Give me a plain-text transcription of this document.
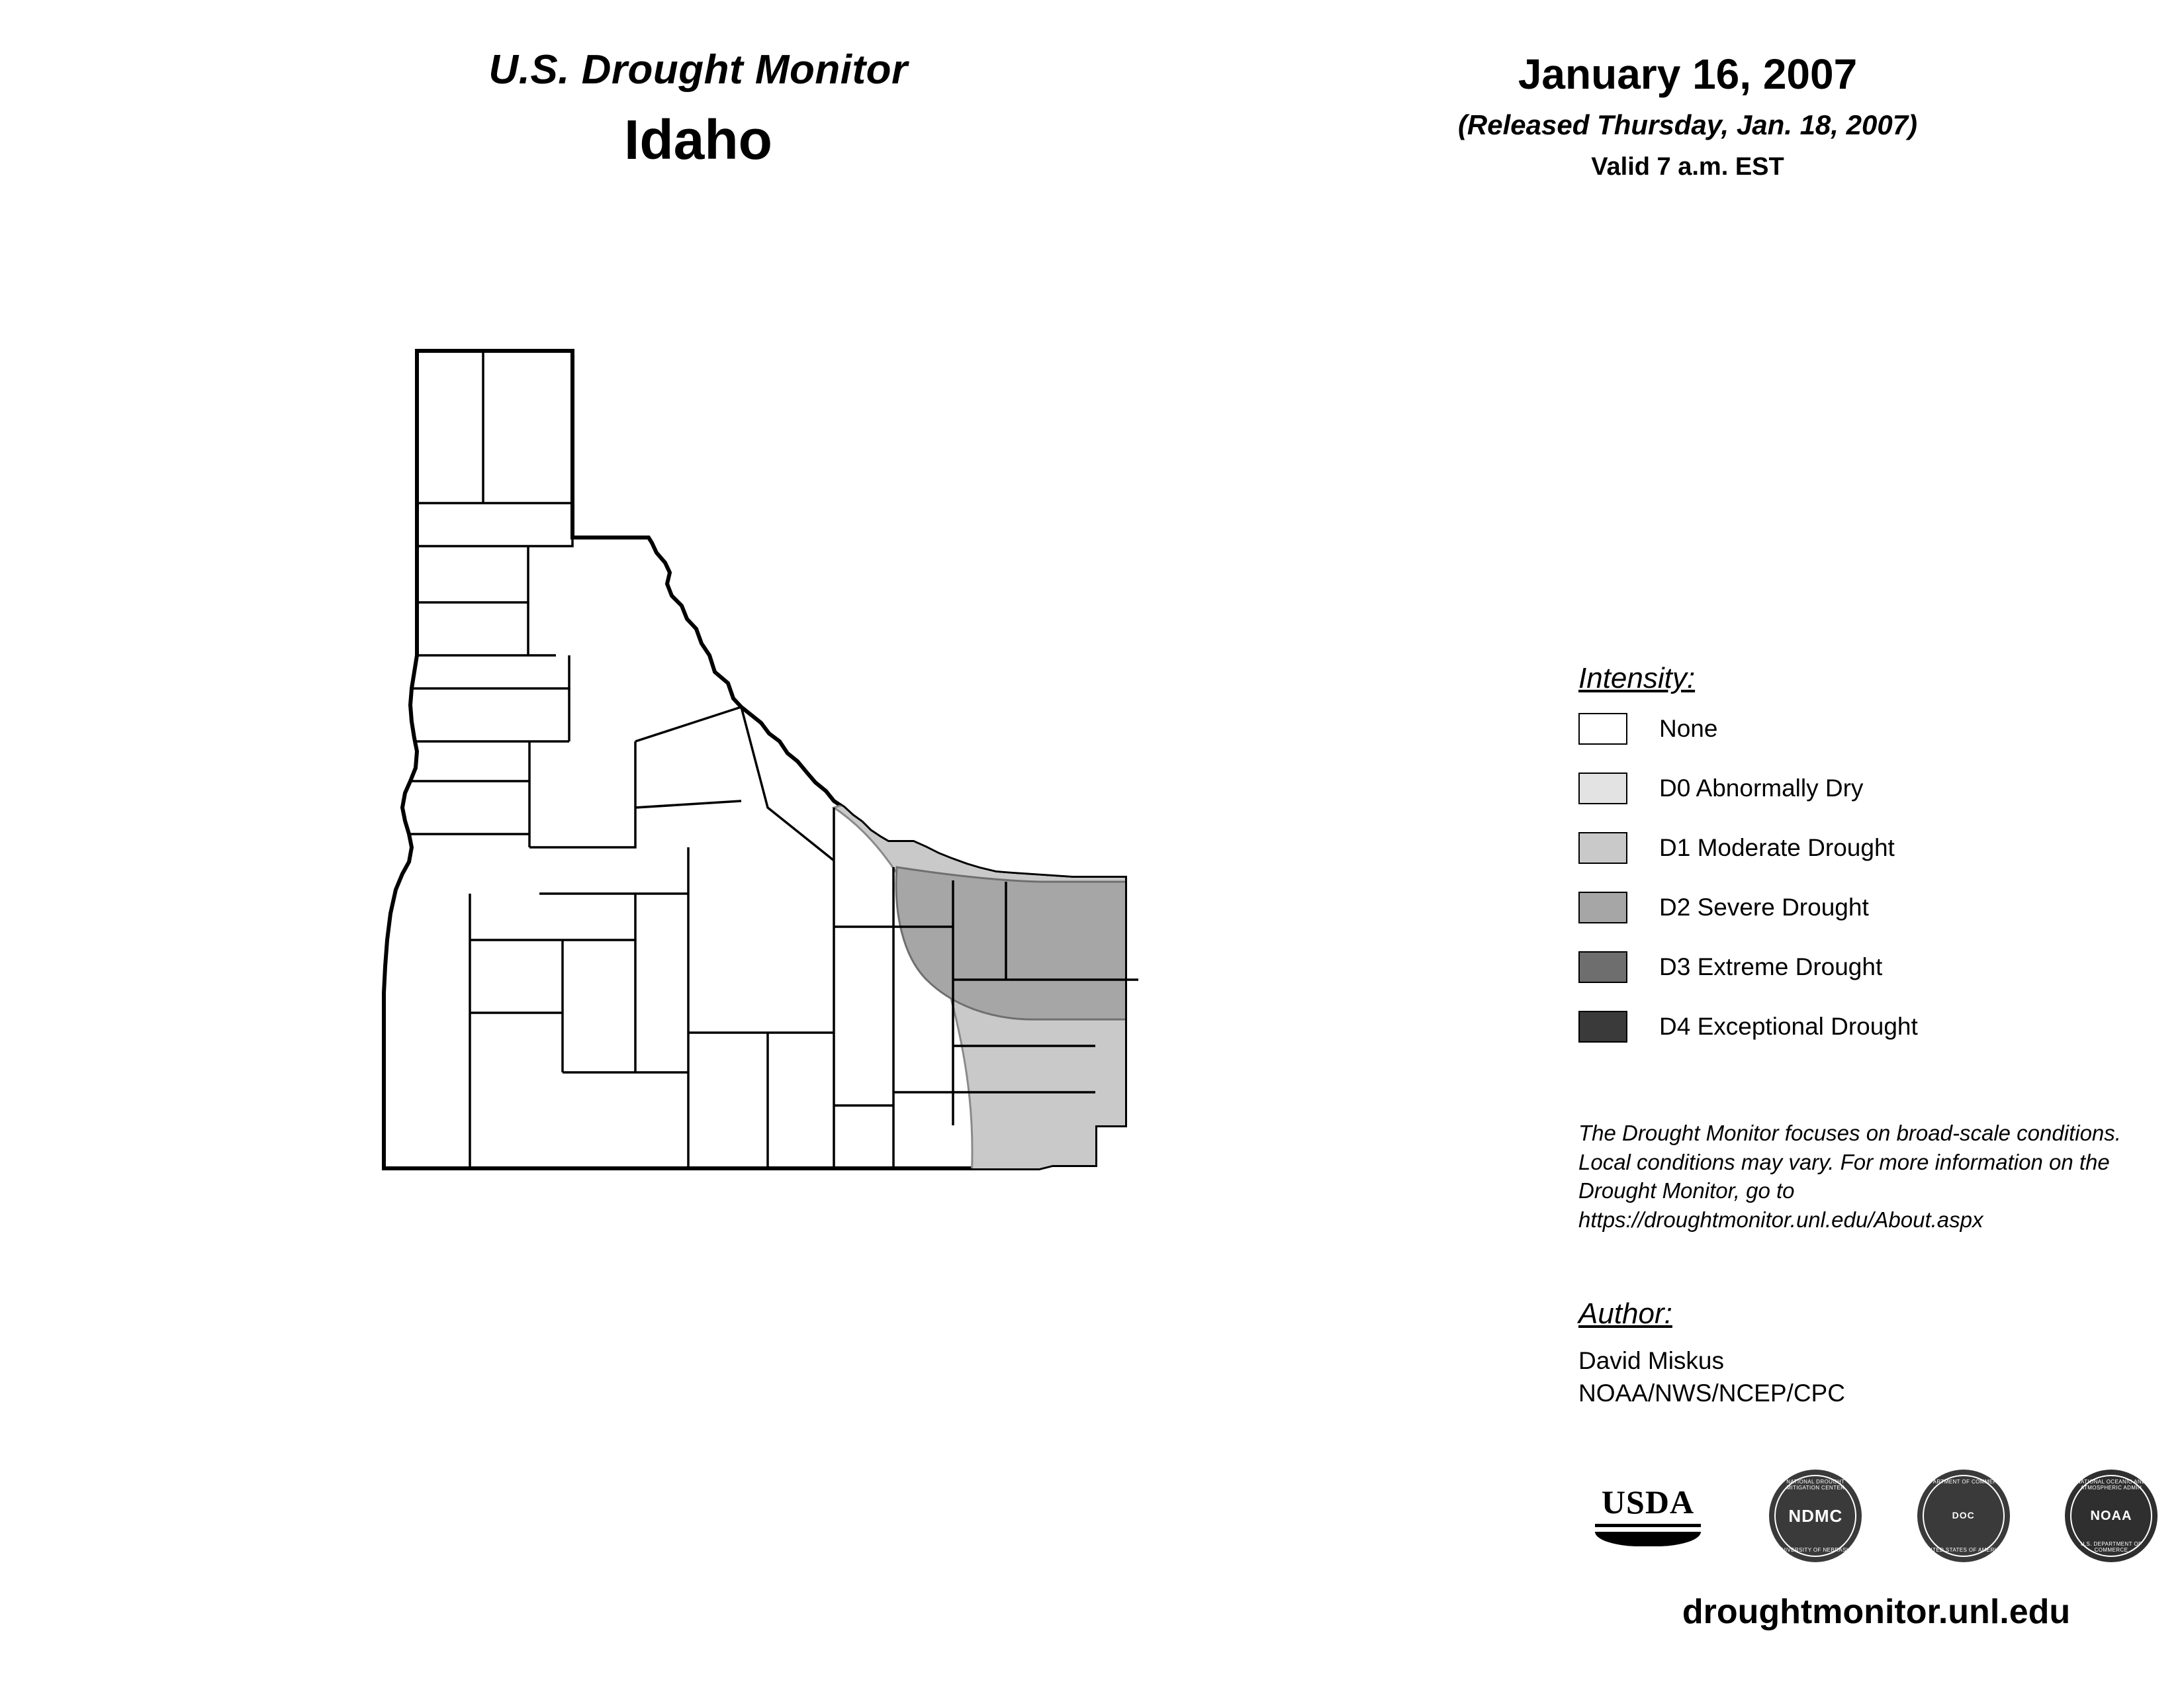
U.S. Drought Monitor
Idaho
January 16, 2007
(Released Thursday, Jan. 18, 2007)
Valid 7 a.m. EST
Intensity:
None
D0 Abnormally Dry
D1 Moderate Drought
D2 Severe Drought
D3 Extreme Drought
D4 Exceptional Drought
The Drought Monitor focuses on broad-scale conditions. Local conditions may vary. For more information on the Drought Monitor, go to https://droughtmonitor.unl.edu/About.aspx
Author:
David Miskus
NOAA/NWS/NCEP/CPC
USDA
NATIONAL DROUGHT MITIGATION CENTER
NDMC
UNIVERSITY OF NEBRASKA
DEPARTMENT OF COMMERCE
DOC
UNITED STATES OF AMERICA
NATIONAL OCEANIC AND ATMOSPHERIC ADMIN
NOAA
U.S. DEPARTMENT OF COMMERCE
droughtmonitor.unl.edu
